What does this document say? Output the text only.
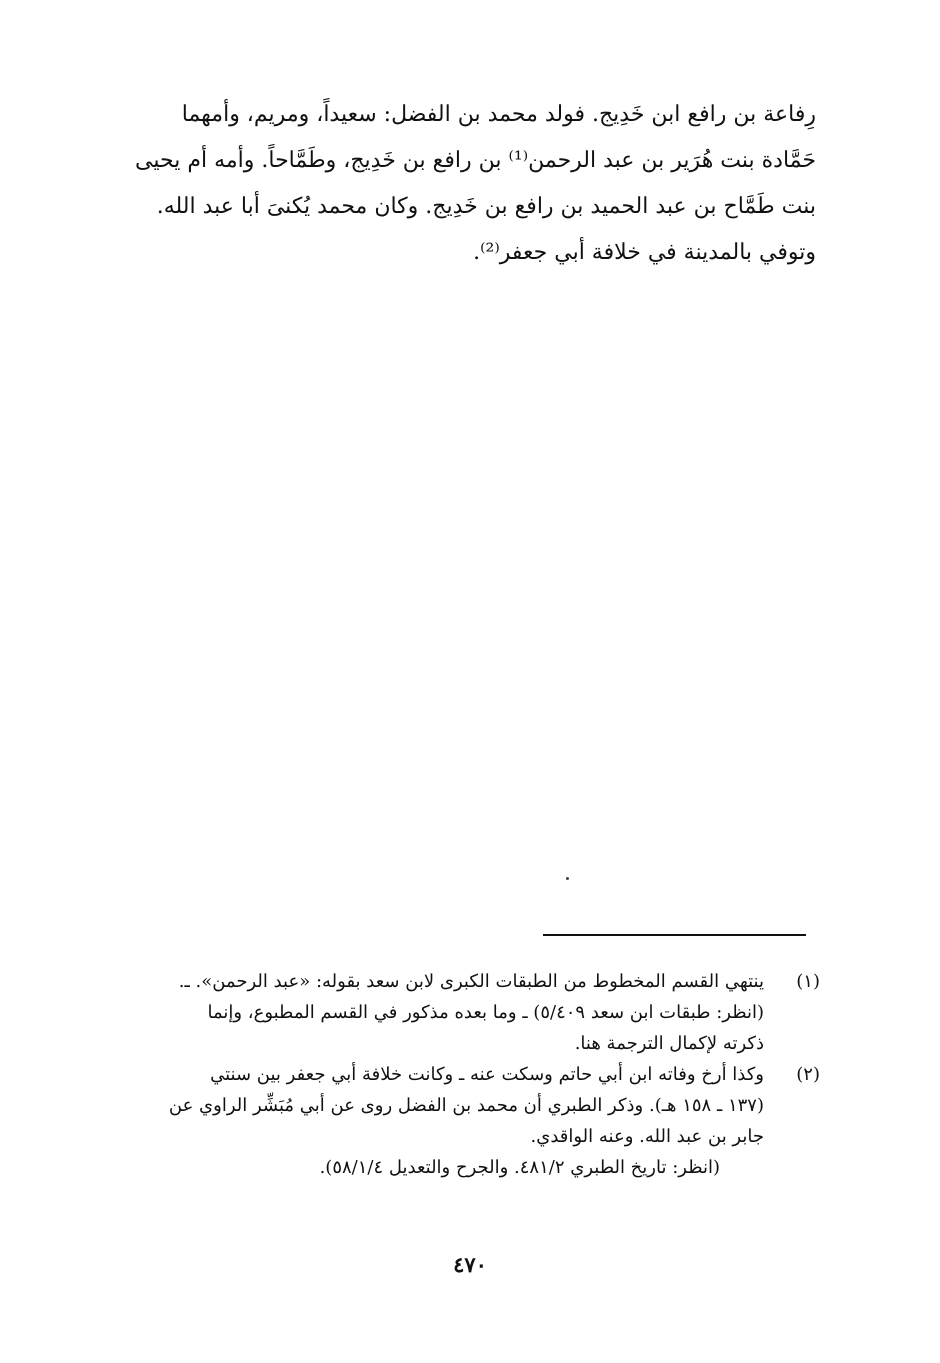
رِفاعة بن رافع ابن خَدِيج. فولد محمد بن الفضل: سعيداً، ومريم، وأمهما
حَمَّادة بنت هُرَير بن عبد الرحمن⁽¹⁾ بن رافع بن خَدِيج، وطَمَّاحاً. وأمه أم يحيى
بنت طَمَّاح بن عبد الحميد بن رافع بن خَدِيج. وكان محمد يُكنىَ أبا عبد الله.
وتوفي بالمدينة في خلافة أبي جعفر⁽²⁾.
(١)
ينتهي القسم المخطوط من الطبقات الكبرى لابن سعد بقوله: «عبد الرحمن». ـ.
(انظر: طبقات ابن سعد ٥/٤٠٩) ـ وما بعده مذكور في القسم المطبوع، وإنما
ذكرته لإكمال الترجمة هنا.
(٢)
وكذا أرخ وفاته ابن أبي حاتم وسكت عنه ـ وكانت خلافة أبي جعفر بين سنتي
(١٣٧ ـ ١٥٨ هـ). وذكر الطبري أن محمد بن الفضل روى عن أبي مُبَشِّر الراوي عن
جابر بن عبد الله. وعنه الواقدي.
(انظر: تاريخ الطبري ٤٨١/٢. والجرح والتعديل ٥٨/١/٤).
٤٧٠
